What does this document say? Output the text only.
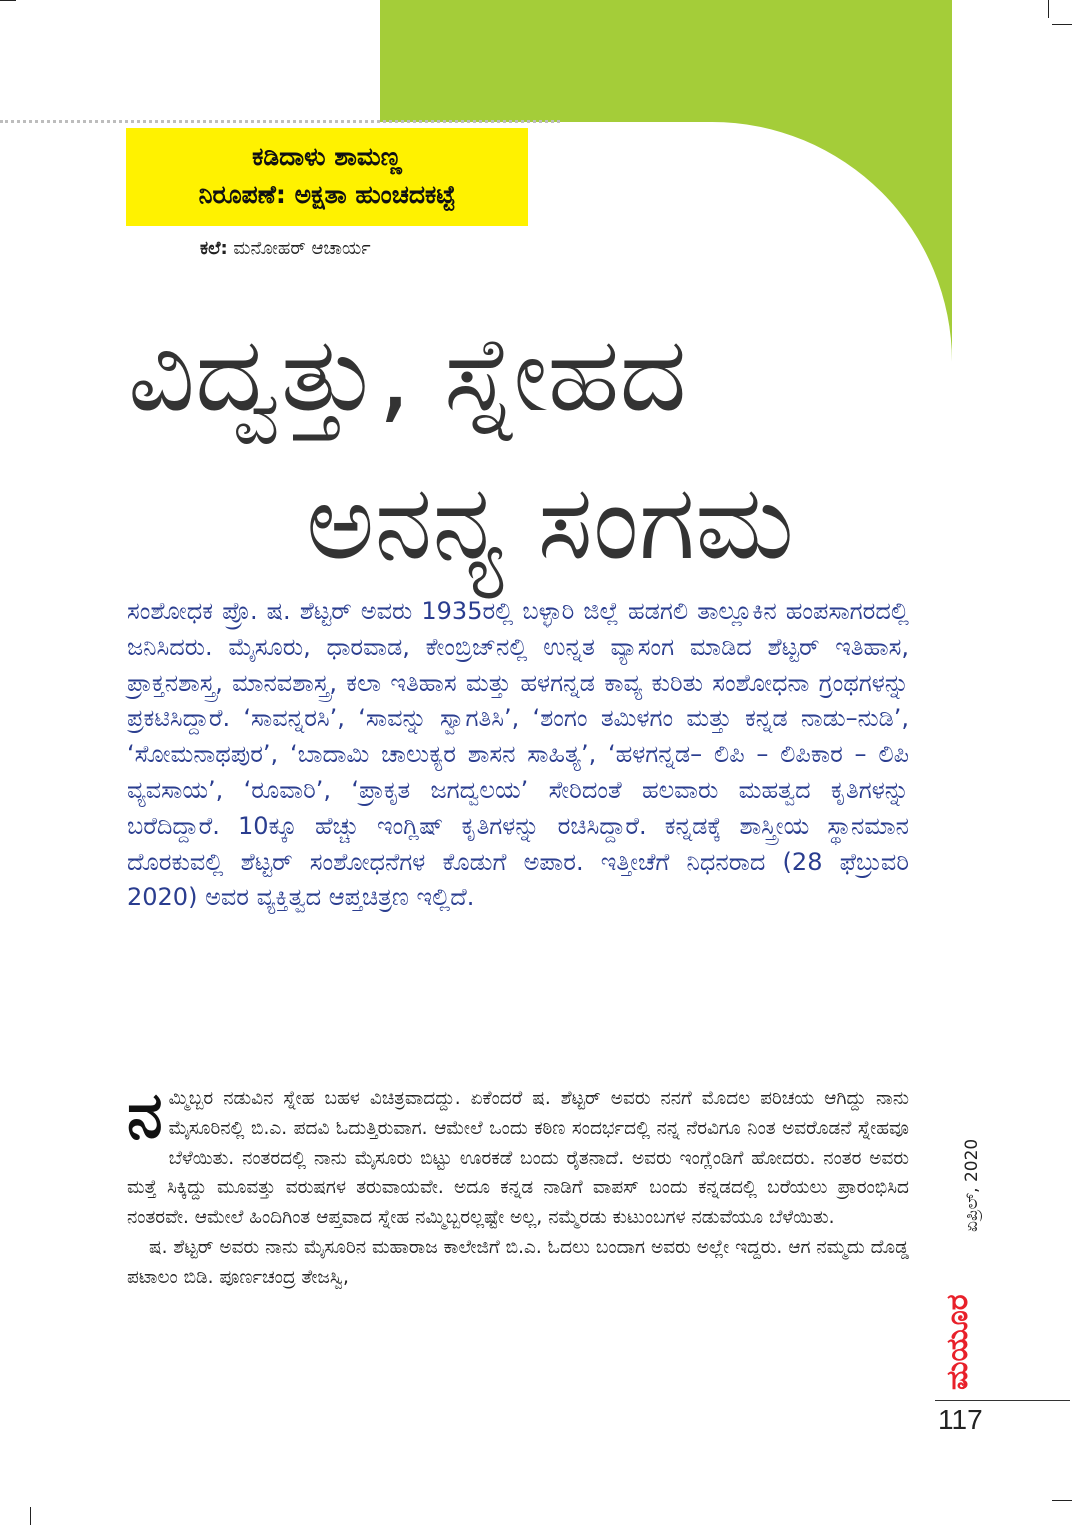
ಕಡಿದಾಳು ಶಾಮಣ್ಣ
ನಿರೂಪಣೆ: ಅಕ್ಷತಾ ಹುಂಚದಕಟ್ಟೆ
ಕಲೆ: ಮನೋಹರ್ ಆಚಾರ್ಯ
ವಿದ್ವತ್ತು, ಸ್ನೇಹದ
ಅನನ್ಯ ಸಂಗಮ
ಸಂಶೋಧಕ ಪ್ರೊ. ಷ. ಶೆಟ್ಟರ್ ಅವರು 1935ರಲ್ಲಿ ಬಳ್ಳಾರಿ ಜಿಲ್ಲೆ ಹಡಗಲಿ ತಾಲ್ಲೂಕಿನ ಹಂಪಸಾಗರದಲ್ಲಿ ಜನಿಸಿದರು. ಮೈಸೂರು, ಧಾರವಾಡ, ಕೇಂಬ್ರಿಜ್‌ನಲ್ಲಿ ಉನ್ನತ ವ್ಯಾಸಂಗ ಮಾಡಿದ ಶೆಟ್ಟರ್ ಇತಿಹಾಸ, ಪ್ರಾಕ್ತನಶಾಸ್ತ್ರ, ಮಾನವಶಾಸ್ತ್ರ, ಕಲಾ ಇತಿಹಾಸ ಮತ್ತು ಹಳಗನ್ನಡ ಕಾವ್ಯ ಕುರಿತು ಸಂಶೋಧನಾ ಗ್ರಂಥಗಳನ್ನು ಪ್ರಕಟಿಸಿದ್ದಾರೆ. ‘ಸಾವನ್ನರಸಿ’, ‘ಸಾವನ್ನು ಸ್ವಾಗತಿಸಿ’, ‘ಶಂಗಂ ತಮಿಳಗಂ ಮತ್ತು ಕನ್ನಡ ನಾಡು–ನುಡಿ’, ‘ಸೋಮನಾಥಪುರ’, ‘ಬಾದಾಮಿ ಚಾಲುಕ್ಯರ ಶಾಸನ ಸಾಹಿತ್ಯ’, ‘ಹಳಗನ್ನಡ– ಲಿಪಿ – ಲಿಪಿಕಾರ – ಲಿಪಿ ವ್ಯವಸಾಯ’, ‘ರೂವಾರಿ’, ‘ಪ್ರಾಕೃತ ಜಗದ್ವಲಯ’ ಸೇರಿದಂತೆ ಹಲವಾರು ಮಹತ್ವದ ಕೃತಿಗಳನ್ನು ಬರೆದಿದ್ದಾರೆ. 10ಕ್ಕೂ ಹೆಚ್ಚು ಇಂಗ್ಲಿಷ್ ಕೃತಿಗಳನ್ನು ರಚಿಸಿದ್ದಾರೆ. ಕನ್ನಡಕ್ಕೆ ಶಾಸ್ತ್ರೀಯ ಸ್ಥಾನಮಾನ ದೊರಕುವಲ್ಲಿ ಶೆಟ್ಟರ್ ಸಂಶೋಧನೆಗಳ ಕೊಡುಗೆ ಅಪಾರ. ಇತ್ತೀಚೆಗೆ ನಿಧನರಾದ (28 ಫೆಬ್ರುವರಿ 2020) ಅವರ ವ್ಯಕ್ತಿತ್ವದ ಆಪ್ತಚಿತ್ರಣ ಇಲ್ಲಿದೆ.

ನಮ್ಮಿಬ್ಬರ ನಡುವಿನ ಸ್ನೇಹ ಬಹಳ ವಿಚಿತ್ರವಾದದ್ದು. ಏಕೆಂದರೆ ಷ. ಶೆಟ್ಟರ್ ಅವರು ನನಗೆ ಮೊದಲ ಪರಿಚಯ ಆಗಿದ್ದು ನಾನು ಮೈಸೂರಿನಲ್ಲಿ ಬಿ.ಎ. ಪದವಿ ಓದುತ್ತಿರುವಾಗ. ಆಮೇಲೆ ಒಂದು ಕಠಿಣ ಸಂದರ್ಭದಲ್ಲಿ ನನ್ನ ನೆರವಿಗೂ ನಿಂತ ಅವರೊಡನೆ ಸ್ನೇಹವೂ ಬೆಳೆಯಿತು. ನಂತರದಲ್ಲಿ ನಾನು ಮೈಸೂರು ಬಿಟ್ಟು ಊರಕಡೆ ಬಂದು ರೈತನಾದೆ. ಅವರು ಇಂಗ್ಲೆಂಡಿಗೆ ಹೋದರು. ನಂತರ ಅವರು ಮತ್ತೆ ಸಿಕ್ಕಿದ್ದು ಮೂವತ್ತು ವರುಷಗಳ ತರುವಾಯವೇ. ಅದೂ ಕನ್ನಡ ನಾಡಿಗೆ ವಾಪಸ್ ಬಂದು ಕನ್ನಡದಲ್ಲಿ ಬರೆಯಲು ಪ್ರಾರಂಭಿಸಿದ ನಂತರವೇ. ಆಮೇಲೆ ಹಿಂದಿಗಿಂತ ಆಪ್ತವಾದ ಸ್ನೇಹ ನಮ್ಮಿಬ್ಬರಲ್ಲಷ್ಟೇ ಅಲ್ಲ, ನಮ್ಮೆರಡು ಕುಟುಂಬಗಳ ನಡುವೆಯೂ ಬೆಳೆಯಿತು.

ಷ. ಶೆಟ್ಟರ್ ಅವರು ನಾನು ಮೈಸೂರಿನ ಮಹಾರಾಜ ಕಾಲೇಜಿಗೆ ಬಿ.ಎ. ಓದಲು ಬಂದಾಗ ಅವರು ಅಲ್ಲೇ ಇದ್ದರು. ಆಗ ನಮ್ಮದು ದೊಡ್ಡ ಪಟಾಲಂ ಬಿಡಿ. ಪೂರ್ಣಚಂದ್ರ ತೇಜಸ್ವಿ,

ಏಪ್ರಿಲ್, 2020
ಮಯೂರ
117
